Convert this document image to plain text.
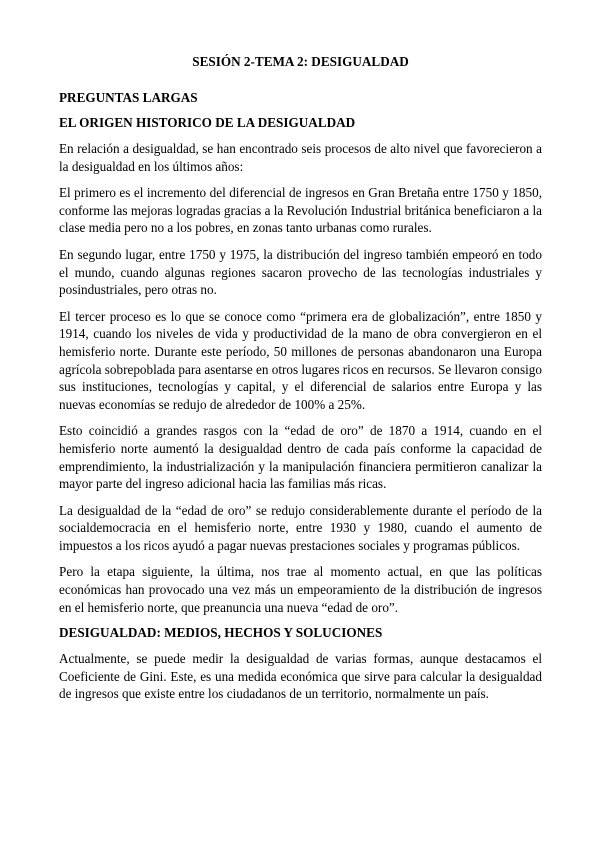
SESIÓN 2-TEMA 2: DESIGUALDAD
PREGUNTAS LARGAS
EL ORIGEN HISTORICO DE LA DESIGUALDAD

En relación a desigualdad, se han encontrado seis procesos de alto nivel que favorecieron a la desigualdad en los últimos años:

El primero es el incremento del diferencial de ingresos en Gran Bretaña entre 1750 y 1850, conforme las mejoras logradas gracias a la Revolución Industrial británica beneficiaron a la clase media pero no a los pobres, en zonas tanto urbanas como rurales.

En segundo lugar, entre 1750 y 1975, la distribución del ingreso también empeoró en todo el mundo, cuando algunas regiones sacaron provecho de las tecnologías industriales y posindustriales, pero otras no.

El tercer proceso es lo que se conoce como “primera era de globalización”, entre 1850 y 1914, cuando los niveles de vida y productividad de la mano de obra convergieron en el hemisferio norte. Durante este período, 50 millones de personas abandonaron una Europa agrícola sobrepoblada para asentarse en otros lugares ricos en recursos. Se llevaron consigo sus instituciones, tecnologías y capital, y el diferencial de salarios entre Europa y las nuevas economías se redujo de alrededor de 100% a 25%.

Esto coincidió a grandes rasgos con la “edad de oro” de 1870 a 1914, cuando en el hemisferio norte aumentó la desigualdad dentro de cada país conforme la capacidad de emprendimiento, la industrialización y la manipulación financiera permitieron canalizar la mayor parte del ingreso adicional hacia las familias más ricas.

La desigualdad de la “edad de oro” se redujo considerablemente durante el período de la socialdemocracia en el hemisferio norte, entre 1930 y 1980, cuando el aumento de impuestos a los ricos ayudó a pagar nuevas prestaciones sociales y programas públicos.

Pero la etapa siguiente, la última, nos trae al momento actual, en que las políticas económicas han provocado una vez más un empeoramiento de la distribución de ingresos en el hemisferio norte, que preanuncia una nueva “edad de oro”.

DESIGUALDAD: MEDIOS, HECHOS Y SOLUCIONES

Actualmente, se puede medir la desigualdad de varias formas, aunque destacamos el Coeficiente de Gini. Este, es una medida económica que sirve para calcular la desigualdad de ingresos que existe entre los ciudadanos de un territorio, normalmente un país.
